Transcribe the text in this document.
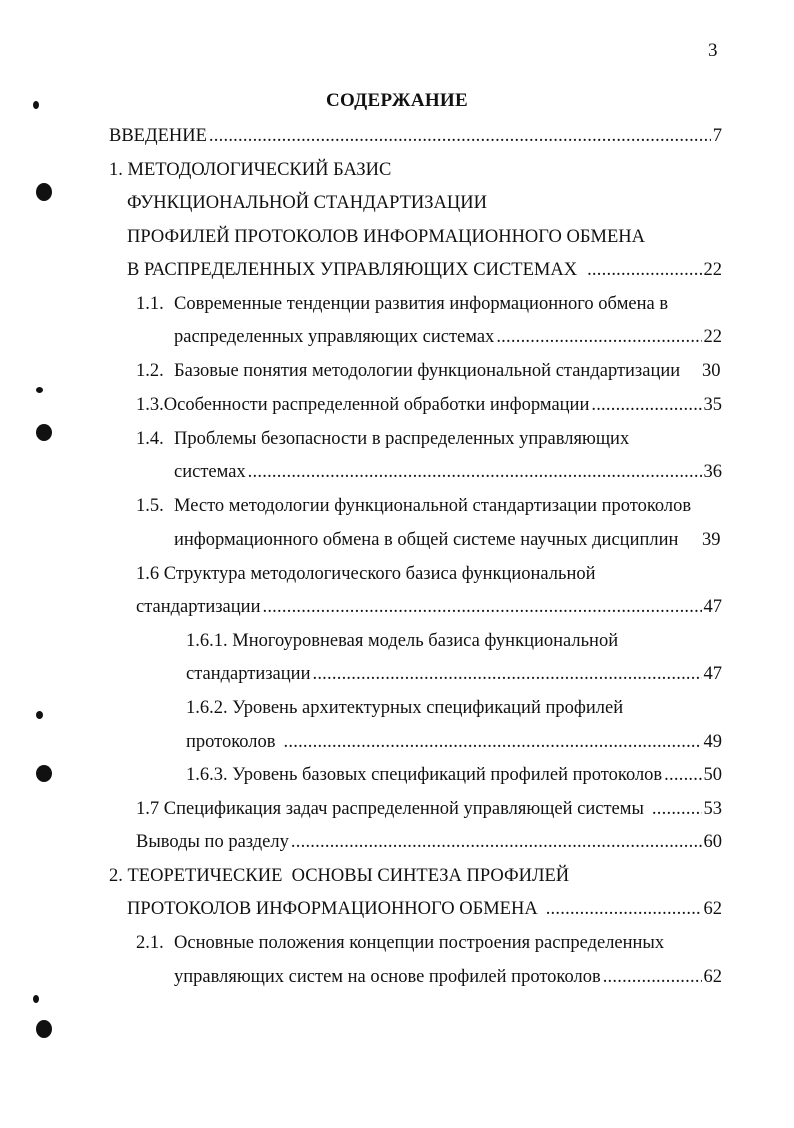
3
СОДЕРЖАНИЕ
ВВЕДЕНИЕ . . .	7
1. МЕТОДОЛОГИЧЕСКИЙ БАЗИС
ФУНКЦИОНАЛЬНОЙ СТАНДАРТИЗАЦИИ
ПРОФИЛЕЙ ПРОТОКОЛОВ ИНФОРМАЦИОННОГО ОБМЕНА
В РАСПРЕДЕЛЕННЫХ УПРАВЛЯЮЩИХ СИСТЕМАХ . . .	22
1.1. Современные тенденции развития информационного обмена в
распределенных управляющих системах . . .	22
1.2. Базовые понятия методологии функциональной стандартизации 30
1.3. Особенности распределенной обработки информации . . .	35
1.4. Проблемы безопасности в распределенных управляющих
системах . . .	36
1.5. Место методологии функциональной стандартизации протоколов
информационного обмена в общей системе научных дисциплин 39
1.6 Структура методологического базиса функциональной
стандартизации . . .	47
1.6.1. Многоуровневая модель базиса функциональной
стандартизации . . .	47
1.6.2. Уровень архитектурных спецификаций профилей
протоколов . . .	49
1.6.3. Уровень базовых спецификаций профилей протоколов . . . 50
1.7 Спецификация задач распределенной управляющей системы . . .	53
Выводы по разделу . . .	60
2. ТЕОРЕТИЧЕСКИЕ  ОСНОВЫ СИНТЕЗА ПРОФИЛЕЙ
ПРОТОКОЛОВ ИНФОРМАЦИОННОГО ОБМЕНА . . .	62
2.1. Основные положения концепции построения распределенных
управляющих систем на основе профилей протоколов . . .	62
